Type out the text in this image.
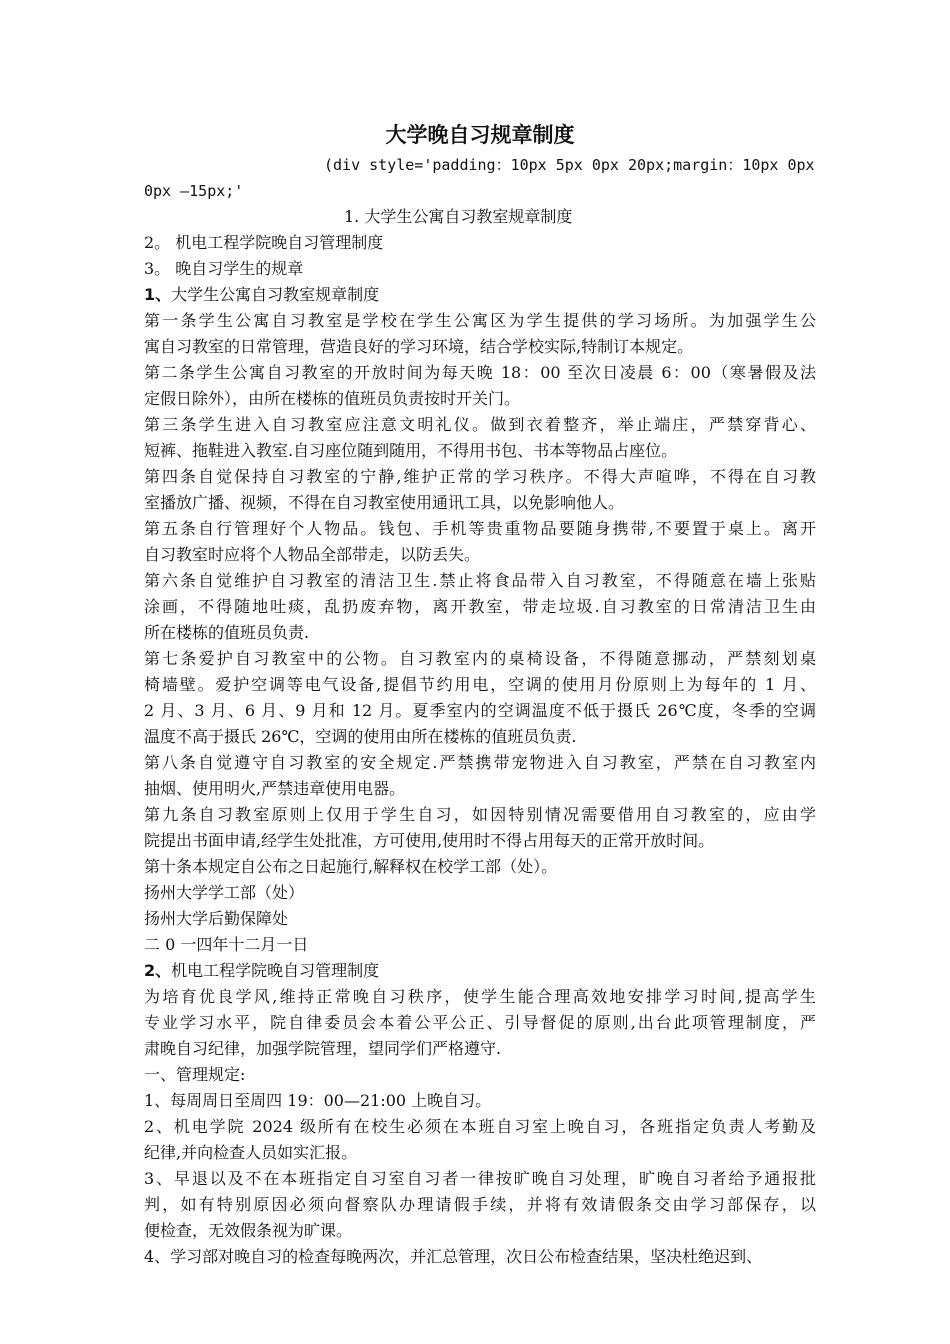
大学晚自习规章制度

(div style='padding：10px 5px 0px 20px;margin：10px 0px

0px —15px;'

1. 大学生公寓自习教室规章制度

2。 机电工程学院晚自习管理制度

3。 晚自习学生的规章

1、大学生公寓自习教室规章制度

第一条学生公寓自习教室是学校在学生公寓区为学生提供的学习场所。为加强学生公

寓自习教室的日常管理，营造良好的学习环境，结合学校实际,特制订本规定。

第二条学生公寓自习教室的开放时间为每天晚 18：00 至次日凌晨 6：00（寒暑假及法

定假日除外），由所在楼栋的值班员负责按时开关门。

第三条学生进入自习教室应注意文明礼仪。做到衣着整齐，举止端庄，严禁穿背心、

短裤、拖鞋进入教室.自习座位随到随用，不得用书包、书本等物品占座位。

第四条自觉保持自习教室的宁静,维护正常的学习秩序。不得大声喧哗，不得在自习教

室播放广播、视频，不得在自习教室使用通讯工具，以免影响他人。

第五条自行管理好个人物品。钱包、手机等贵重物品要随身携带,不要置于桌上。离开

自习教室时应将个人物品全部带走，以防丢失。

第六条自觉维护自习教室的清洁卫生.禁止将食品带入自习教室，不得随意在墙上张贴

涂画，不得随地吐痰，乱扔废弃物，离开教室，带走垃圾.自习教室的日常清洁卫生由

所在楼栋的值班员负责.

第七条爱护自习教室中的公物。自习教室内的桌椅设备，不得随意挪动，严禁刻划桌

椅墙壁。爱护空调等电气设备,提倡节约用电，空调的使用月份原则上为每年的 1 月、

2 月、3 月、6 月、9 月和 12 月。夏季室内的空调温度不低于摄氏 26℃度，冬季的空调

温度不高于摄氏 26℃，空调的使用由所在楼栋的值班员负责.

第八条自觉遵守自习教室的安全规定.严禁携带宠物进入自习教室，严禁在自习教室内

抽烟、使用明火,严禁违章使用电器。

第九条自习教室原则上仅用于学生自习，如因特别情况需要借用自习教室的，应由学

院提出书面申请,经学生处批准，方可使用,使用时不得占用每天的正常开放时间。

第十条本规定自公布之日起施行,解释权在校学工部（处）。

扬州大学学工部（处）

扬州大学后勤保障处

二 0 一四年十二月一日

2、机电工程学院晚自习管理制度

为培育优良学风,维持正常晚自习秩序，使学生能合理高效地安排学习时间,提高学生

专业学习水平，院自律委员会本着公平公正、引导督促的原则,出台此项管理制度，严

肃晚自习纪律，加强学院管理，望同学们严格遵守.

一、管理规定:

1、每周周日至周四 19：00—21:00 上晚自习。

2、机电学院 2024 级所有在校生必须在本班自习室上晚自习，各班指定负责人考勤及

纪律,并向检查人员如实汇报。

3、早退以及不在本班指定自习室自习者一律按旷晚自习处理，旷晚自习者给予通报批

判，如有特别原因必须向督察队办理请假手续，并将有效请假条交由学习部保存，以

便检查，无效假条视为旷课。

4、学习部对晚自习的检查每晚两次，并汇总管理，次日公布检查结果，坚决杜绝迟到、
